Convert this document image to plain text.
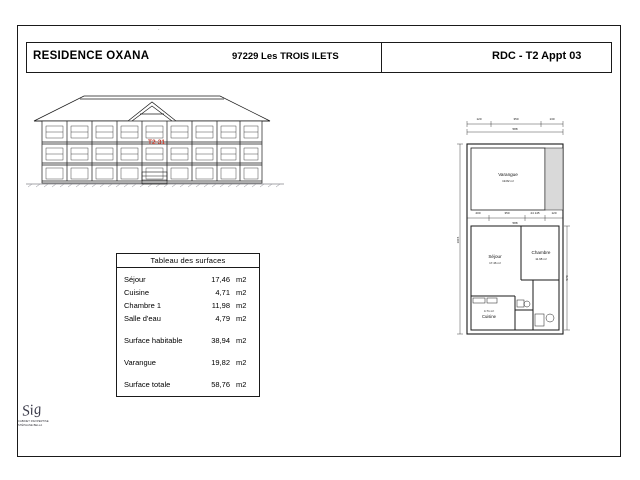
·
RESIDENCE OXANA	97229 Les TROIS ILETS	RDC - T2 Appt 03
T2-31
Tableau des surfaces
Séjour	17,46 m2
Cuisine	4,71 m2
Chambre 1	11,98 m2
Salle d'eau	4,79 m2
Surface habitable	38,94 m2
Varangue	19,82 m2
Surface totale	58,76 m2
Varangue
19.82 m²
Séjour
17.46 m²
Chambre
11.98 m²
Cuisine
4.71 m²
120	350	130
588
200	350	44 145	120
588
1015
570
Sig
CABINET D'EXPERTISE
STÉPHANE BELLA
